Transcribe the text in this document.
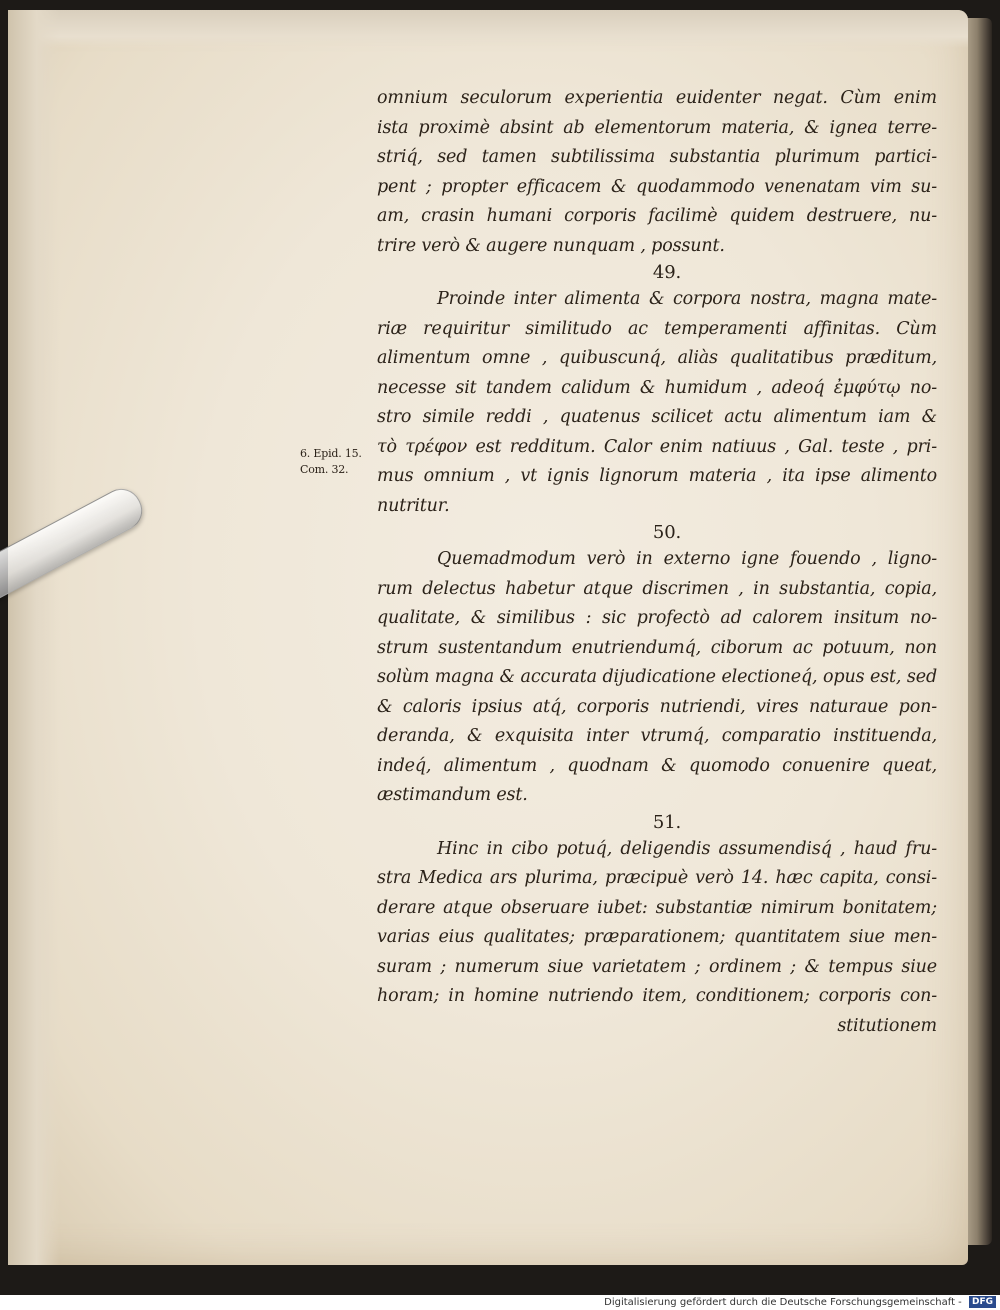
omnium seculorum experientia euidenter negat. Cùm enim
ista proximè absint ab elementorum materia, & ignea terre-
striq́, sed tamen subtilissima substantia plurimum partici-
pent ; propter efficacem & quodammodo venenatam vim su-
am, crasin humani corporis facilimè quidem destruere, nu-
trire verò & augere nunquam , possunt.
49.
Proinde inter alimenta & corpora nostra, magna mate-
riæ requiritur similitudo ac temperamenti affinitas. Cùm
alimentum omne , quibuscunq́, aliàs qualitatibus præditum,
necesse sit tandem calidum & humidum , adeoq́ ἐμφύτῳ no-
stro simile reddi , quatenus scilicet actu alimentum iam &
τὸ τρέφον est redditum. Calor enim natiuus , Gal. teste , pri-
mus omnium , vt ignis lignorum materia , ita ipse alimento
nutritur.
50.
Quemadmodum verò in externo igne fouendo , ligno-
rum delectus habetur atque discrimen , in substantia, copia,
qualitate, & similibus : sic profectò ad calorem insitum no-
strum sustentandum enutriendumq́, ciborum ac potuum, non
solùm magna & accurata dijudicatione electioneq́, opus est, sed
& caloris ipsius atq́, corporis nutriendi, vires naturaue pon-
deranda, & exquisita inter vtrumq́, comparatio instituenda,
indeq́, alimentum , quodnam & quomodo conuenire queat,
æstimandum est.
51.
Hinc in cibo potuq́, deligendis assumendisq́ , haud fru-
stra Medica ars plurima, præcipuè verò 14. hæc capita, consi-
derare atque obseruare iubet: substantiæ nimirum bonitatem;
varias eius qualitates; præparationem; quantitatem siue men-
suram ; numerum siue varietatem ; ordinem ; & tempus siue
horam; in homine nutriendo item, conditionem; corporis con-
stitutionem
6. Epid. 15.
Com. 32.
Digitalisierung gefördert durch die Deutsche Forschungsgemeinschaft - DFG
